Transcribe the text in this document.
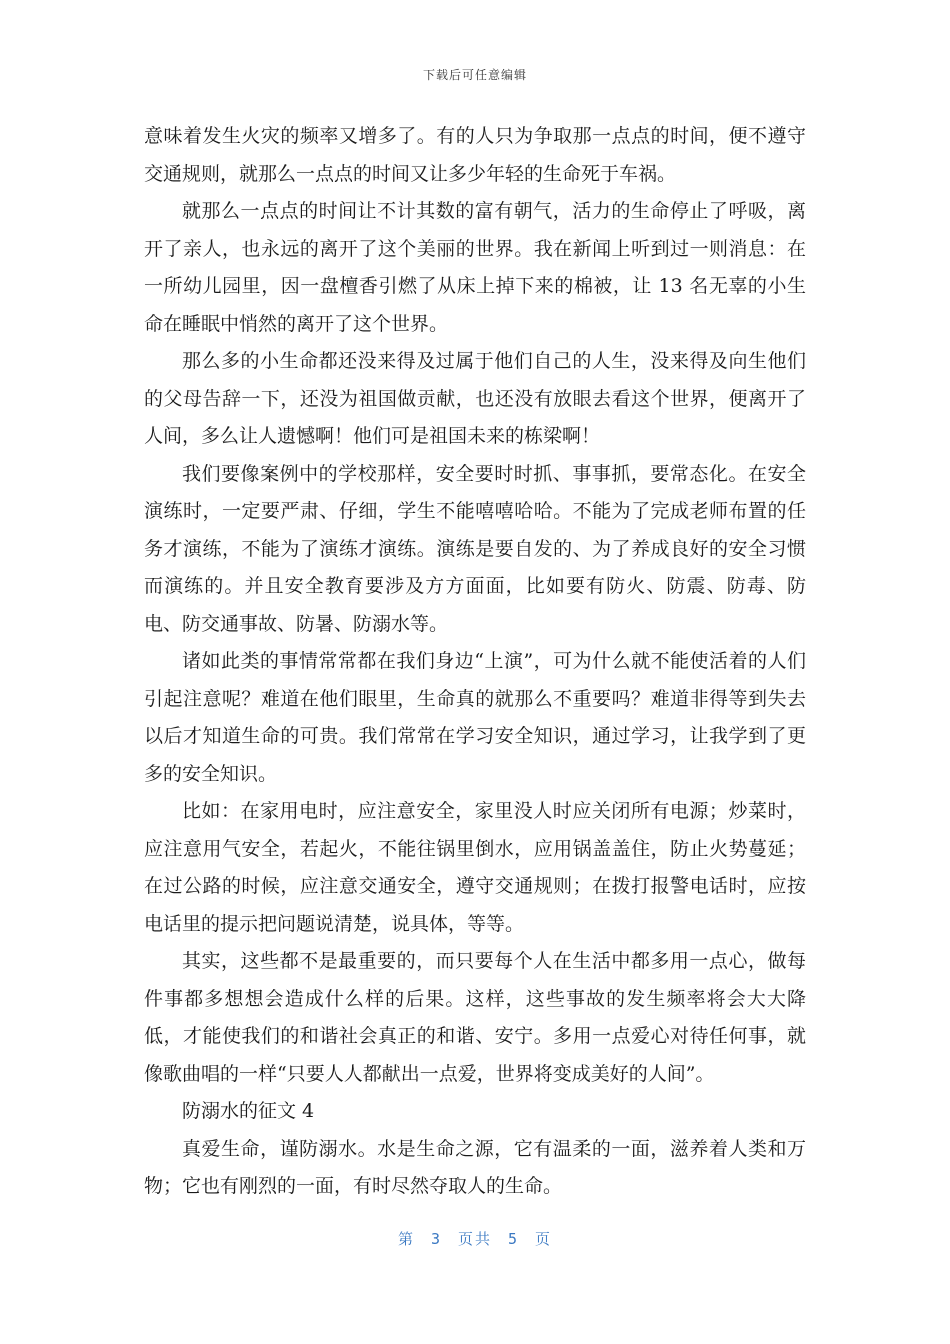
下载后可任意编辑

意味着发生火灾的频率又增多了。有的人只为争取那一点点的时间，便不遵守交通规则，就那么一点点的时间又让多少年轻的生命死于车祸。

就那么一点点的时间让不计其数的富有朝气，活力的生命停止了呼吸，离开了亲人，也永远的离开了这个美丽的世界。我在新闻上听到过一则消息：在一所幼儿园里，因一盘檀香引燃了从床上掉下来的棉被，让 13 名无辜的小生命在睡眠中悄然的离开了这个世界。

那么多的小生命都还没来得及过属于他们自己的人生，没来得及向生他们的父母告辞一下，还没为祖国做贡献，也还没有放眼去看这个世界，便离开了人间，多么让人遗憾啊！他们可是祖国未来的栋梁啊！

我们要像案例中的学校那样，安全要时时抓、事事抓，要常态化。在安全演练时，一定要严肃、仔细，学生不能嘻嘻哈哈。不能为了完成老师布置的任务才演练，不能为了演练才演练。演练是要自发的、为了养成良好的安全习惯而演练的。并且安全教育要涉及方方面面，比如要有防火、防震、防毒、防电、防交通事故、防暑、防溺水等。

诸如此类的事情常常都在我们身边“上演”，可为什么就不能使活着的人们引起注意呢？难道在他们眼里，生命真的就那么不重要吗？难道非得等到失去以后才知道生命的可贵。我们常常在学习安全知识，通过学习，让我学到了更多的安全知识。

比如：在家用电时，应注意安全，家里没人时应关闭所有电源；炒菜时，应注意用气安全，若起火，不能往锅里倒水，应用锅盖盖住，防止火势蔓延；在过公路的时候，应注意交通安全，遵守交通规则；在拨打报警电话时，应按电话里的提示把问题说清楚，说具体，等等。

其实，这些都不是最重要的，而只要每个人在生活中都多用一点心，做每件事都多想想会造成什么样的后果。这样，这些事故的发生频率将会大大降低，才能使我们的和谐社会真正的和谐、安宁。多用一点爱心对待任何事，就像歌曲唱的一样“只要人人都献出一点爱，世界将变成美好的人间”。

防溺水的征文 4

真爱生命，谨防溺水。水是生命之源，它有温柔的一面，滋养着人类和万物；它也有刚烈的一面，有时尽然夺取人的生命。

第 3 页共 5 页
